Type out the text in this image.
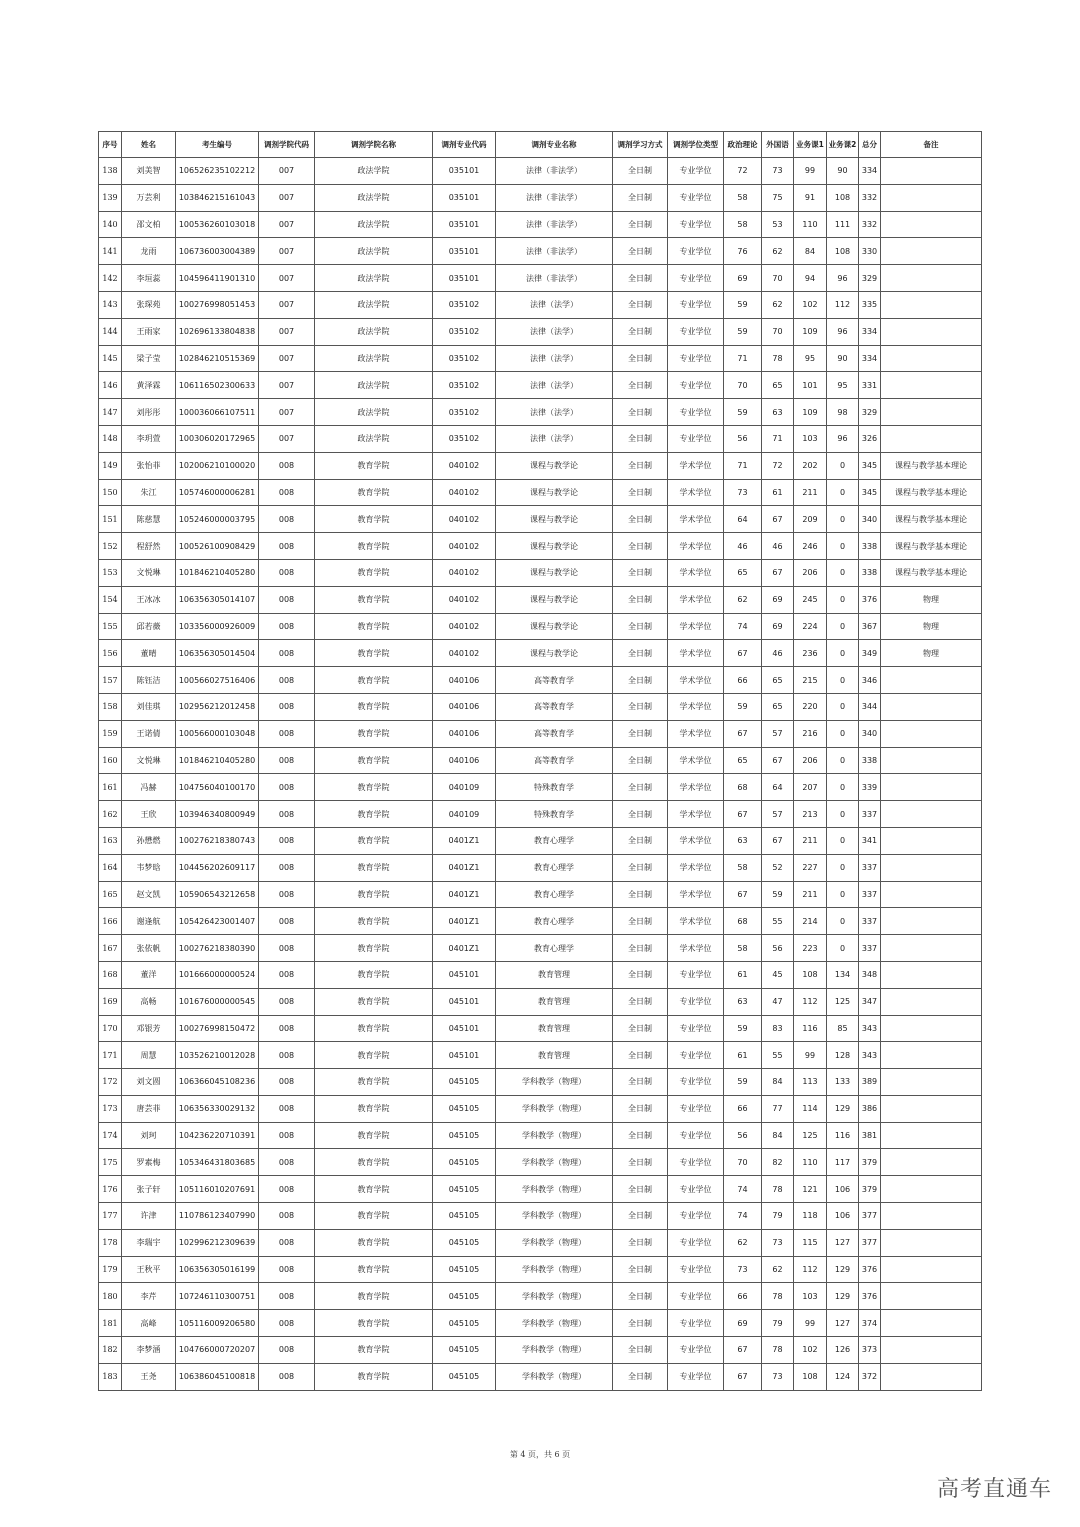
序号	姓名	考生编号	调剂学院代码	调剂学院名称	调剂专业代码	调剂专业名称	调剂学习方式	调剂学位类型	政治理论	外国语	业务课1	业务课2	总分	备注
138	刘美智	106526235102212	007	政法学院	035101	法律（非法学）	全日制	专业学位	72	73	99	90	334	
139	万芸利	103846215161043	007	政法学院	035101	法律（非法学）	全日制	专业学位	58	75	91	108	332	
140	邵文柏	100536260103018	007	政法学院	035101	法律（非法学）	全日制	专业学位	58	53	110	111	332	
141	龙雨	106736003004389	007	政法学院	035101	法律（非法学）	全日制	专业学位	76	62	84	108	330	
142	李垣蕊	104596411901310	007	政法学院	035101	法律（非法学）	全日制	专业学位	69	70	94	96	329	
143	张琛苑	100276998051453	007	政法学院	035102	法律（法学）	全日制	专业学位	59	62	102	112	335	
144	王雨家	102696133804838	007	政法学院	035102	法律（法学）	全日制	专业学位	59	70	109	96	334	
145	梁子莹	102846210515369	007	政法学院	035102	法律（法学）	全日制	专业学位	71	78	95	90	334	
146	黄泽霖	106116502300633	007	政法学院	035102	法律（法学）	全日制	专业学位	70	65	101	95	331	
147	刘彤彤	100036066107511	007	政法学院	035102	法律（法学）	全日制	专业学位	59	63	109	98	329	
148	李玥萱	100306020172965	007	政法学院	035102	法律（法学）	全日制	专业学位	56	71	103	96	326	
149	张怡菲	102006210100020	008	教育学院	040102	课程与教学论	全日制	学术学位	71	72	202	0	345	课程与教学基本理论
150	朱江	105746000006281	008	教育学院	040102	课程与教学论	全日制	学术学位	73	61	211	0	345	课程与教学基本理论
151	陈慈慧	105246000003795	008	教育学院	040102	课程与教学论	全日制	学术学位	64	67	209	0	340	课程与教学基本理论
152	程舒然	100526100908429	008	教育学院	040102	课程与教学论	全日制	学术学位	46	46	246	0	338	课程与教学基本理论
153	文悦琳	101846210405280	008	教育学院	040102	课程与教学论	全日制	学术学位	65	67	206	0	338	课程与教学基本理论
154	王冰冰	106356305014107	008	教育学院	040102	课程与教学论	全日制	学术学位	62	69	245	0	376	物理
155	邱若薇	103356000926009	008	教育学院	040102	课程与教学论	全日制	学术学位	74	69	224	0	367	物理
156	董晴	106356305014504	008	教育学院	040102	课程与教学论	全日制	学术学位	67	46	236	0	349	物理
157	陈钰洁	100566027516406	008	教育学院	040106	高等教育学	全日制	学术学位	66	65	215	0	346	
158	刘佳琪	102956212012458	008	教育学院	040106	高等教育学	全日制	学术学位	59	65	220	0	344	
159	王诺倩	100566000103048	008	教育学院	040106	高等教育学	全日制	学术学位	67	57	216	0	340	
160	文悦琳	101846210405280	008	教育学院	040106	高等教育学	全日制	学术学位	65	67	206	0	338	
161	冯赫	104756040100170	008	教育学院	040109	特殊教育学	全日制	学术学位	68	64	207	0	339	
162	王欣	103946340800949	008	教育学院	040109	特殊教育学	全日制	学术学位	67	57	213	0	337	
163	孙懋燃	100276218380743	008	教育学院	0401Z1	教育心理学	全日制	学术学位	63	67	211	0	341	
164	韦梦晗	104456202609117	008	教育学院	0401Z1	教育心理学	全日制	学术学位	58	52	227	0	337	
165	赵文凯	105906543212658	008	教育学院	0401Z1	教育心理学	全日制	学术学位	67	59	211	0	337	
166	谢逢航	105426423001407	008	教育学院	0401Z1	教育心理学	全日制	学术学位	68	55	214	0	337	
167	张依帆	100276218380390	008	教育学院	0401Z1	教育心理学	全日制	学术学位	58	56	223	0	337	
168	董洋	101666000000524	008	教育学院	045101	教育管理	全日制	专业学位	61	45	108	134	348	
169	高畅	101676000000545	008	教育学院	045101	教育管理	全日制	专业学位	63	47	112	125	347	
170	邓银芳	100276998150472	008	教育学院	045101	教育管理	全日制	专业学位	59	83	116	85	343	
171	周慧	103526210012028	008	教育学院	045101	教育管理	全日制	专业学位	61	55	99	128	343	
172	刘文圆	106366045108236	008	教育学院	045105	学科教学（物理）	全日制	专业学位	59	84	113	133	389	
173	唐芸菲	106356330029132	008	教育学院	045105	学科教学（物理）	全日制	专业学位	66	77	114	129	386	
174	刘珂	104236220710391	008	教育学院	045105	学科教学（物理）	全日制	专业学位	56	84	125	116	381	
175	罗素梅	105346431803685	008	教育学院	045105	学科教学（物理）	全日制	专业学位	70	82	110	117	379	
176	张子轩	105116010207691	008	教育学院	045105	学科教学（物理）	全日制	专业学位	74	78	121	106	379	
177	许津	110786123407990	008	教育学院	045105	学科教学（物理）	全日制	专业学位	74	79	118	106	377	
178	李瑞宇	102996212309639	008	教育学院	045105	学科教学（物理）	全日制	专业学位	62	73	115	127	377	
179	王秋平	106356305016199	008	教育学院	045105	学科教学（物理）	全日制	专业学位	73	62	112	129	376	
180	李芹	107246110300751	008	教育学院	045105	学科教学（物理）	全日制	专业学位	66	78	103	129	376	
181	高峰	105116009206580	008	教育学院	045105	学科教学（物理）	全日制	专业学位	69	79	99	127	374	
182	李梦涵	104766000720207	008	教育学院	045105	学科教学（物理）	全日制	专业学位	67	78	102	126	373	
183	王尧	106386045100818	008	教育学院	045105	学科教学（物理）	全日制	专业学位	67	73	108	124	372	
第 4 页，共 6 页
高考直通车
